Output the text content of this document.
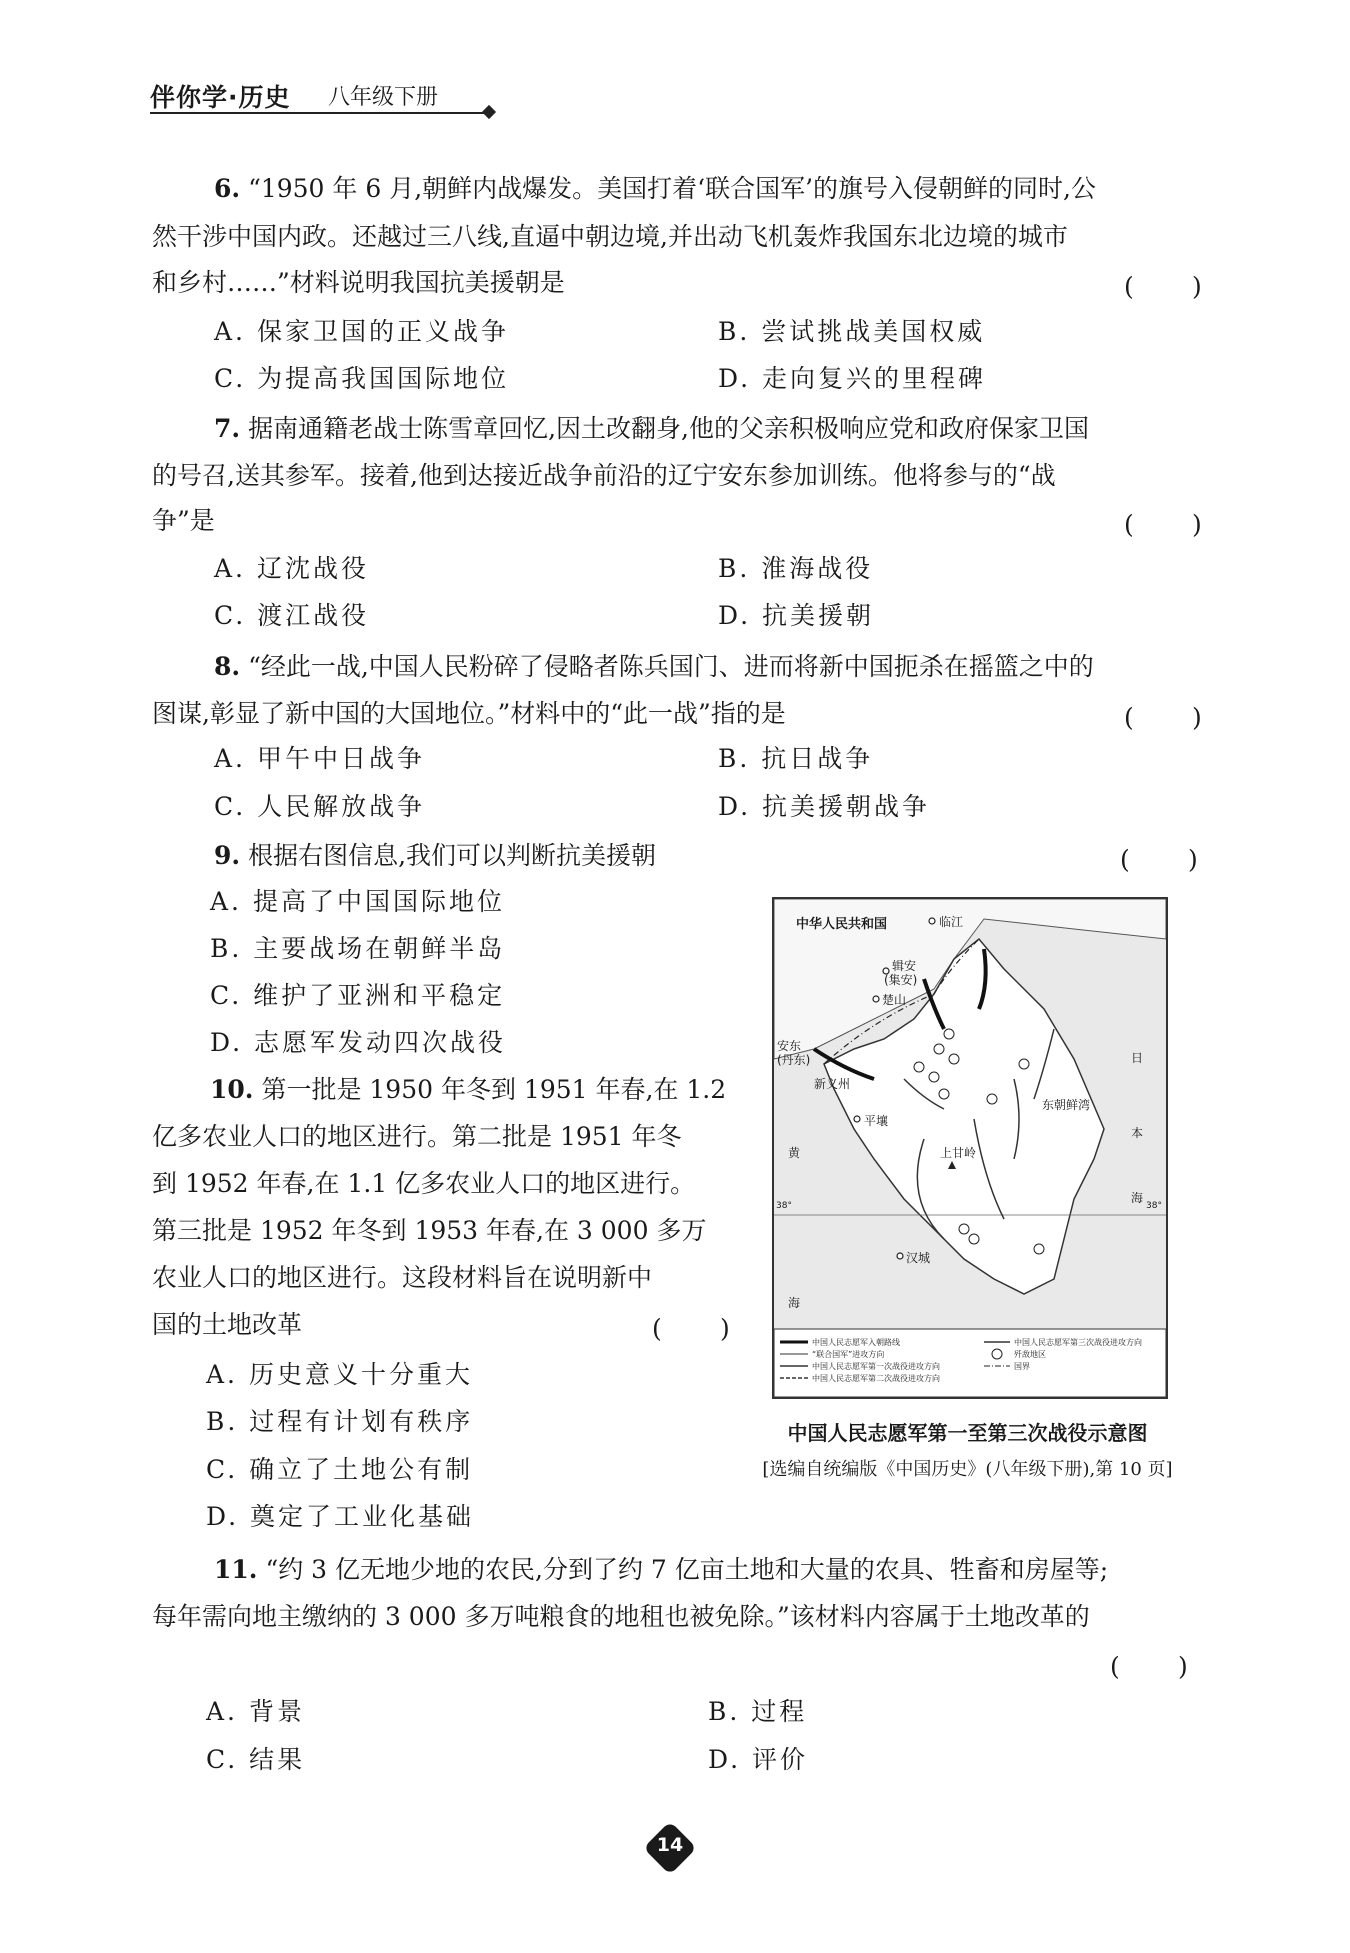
伴你学·历史 八年级下册
6. “1950 年 6 月,朝鲜内战爆发。美国打着‘联合国军’的旗号入侵朝鲜的同时,公
然干涉中国内政。还越过三八线,直逼中朝边境,并出动飞机轰炸我国东北边境的城市
和乡村……”材料说明我国抗美援朝是	( )
A. 保家卫国的正义战争	B. 尝试挑战美国权威
C. 为提高我国国际地位	D. 走向复兴的里程碑
7. 据南通籍老战士陈雪章回忆,因土改翻身,他的父亲积极响应党和政府保家卫国
的号召,送其参军。接着,他到达接近战争前沿的辽宁安东参加训练。他将参与的“战
争”是	( )
A. 辽沈战役	B. 淮海战役
C. 渡江战役	D. 抗美援朝
8. “经此一战,中国人民粉碎了侵略者陈兵国门、进而将新中国扼杀在摇篮之中的
图谋,彰显了新中国的大国地位。”材料中的“此一战”指的是	( )
A. 甲午中日战争	B. 抗日战争
C. 人民解放战争	D. 抗美援朝战争
9. 根据右图信息,我们可以判断抗美援朝	( )
A. 提高了中国国际地位
B. 主要战场在朝鲜半岛
C. 维护了亚洲和平稳定
D. 志愿军发动四次战役
10. 第一批是 1950 年冬到 1951 年春,在 1.2
亿多农业人口的地区进行。第二批是 1951 年冬
到 1952 年春,在 1.1 亿多农业人口的地区进行。
第三批是 1952 年冬到 1953 年春,在 3 000 多万
农业人口的地区进行。这段材料旨在说明新中
国的土地改革	( )
A. 历史意义十分重大
B. 过程有计划有秩序
C. 确立了土地公有制
D. 奠定了工业化基础
中华人民共和国	临江
辑安
(集安)
楚山
安东
(丹东)
新义州
平壤
上甘岭
汉城
东朝鲜湾
日
本
海
黄
海
38°	38°
中国人民志愿军入朝路线
“联合国军”进攻方向
中国人民志愿军第一次战役进攻方向
中国人民志愿军第二次战役进攻方向
中国人民志愿军第三次战役进攻方向
歼敌地区
国界
中国人民志愿军第一至第三次战役示意图
[选编自统编版《中国历史》(八年级下册),第 10 页]
11. “约 3 亿无地少地的农民,分到了约 7 亿亩土地和大量的农具、牲畜和房屋等;
每年需向地主缴纳的 3 000 多万吨粮食的地租也被免除。”该材料内容属于土地改革的
( )
A. 背景	B. 过程
C. 结果	D. 评价
14
